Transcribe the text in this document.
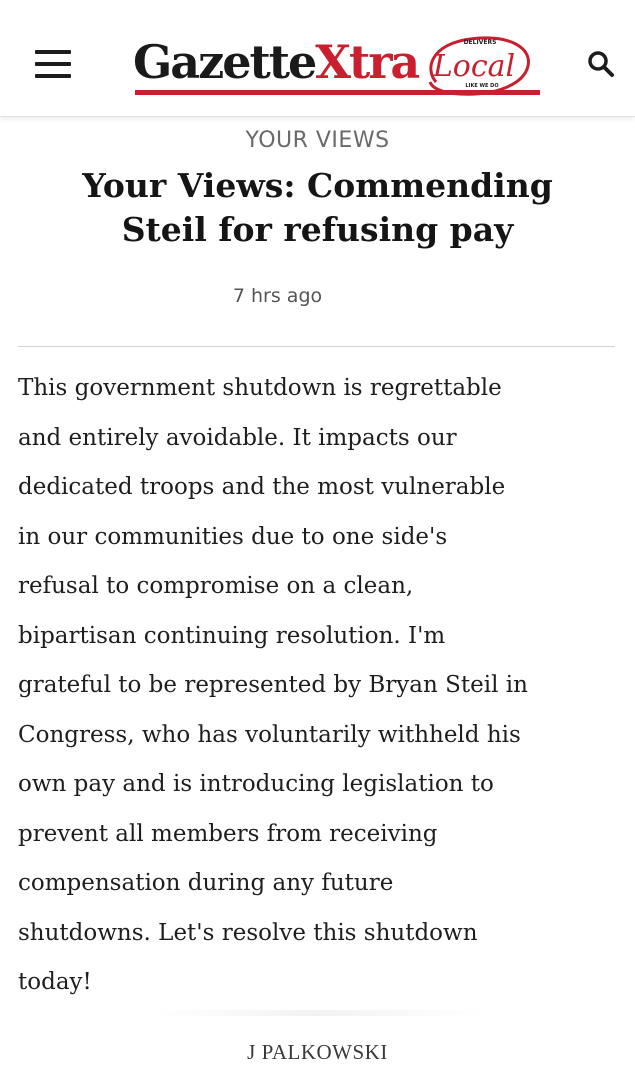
GazetteXtra	DELIVERS
Local
LIKE WE DO
YOUR VIEWS
Your Views: Commending
Steil for refusing pay
7 hrs ago
This government shutdown is regrettable
and entirely avoidable. It impacts our
dedicated troops and the most vulnerable
in our communities due to one side's
refusal to compromise on a clean,
bipartisan continuing resolution. I'm
grateful to be represented by Bryan Steil in
Congress, who has voluntarily withheld his
own pay and is introducing legislation to
prevent all members from receiving
compensation during any future
shutdowns. Let's resolve this shutdown
today!
J PALKOWSKI
